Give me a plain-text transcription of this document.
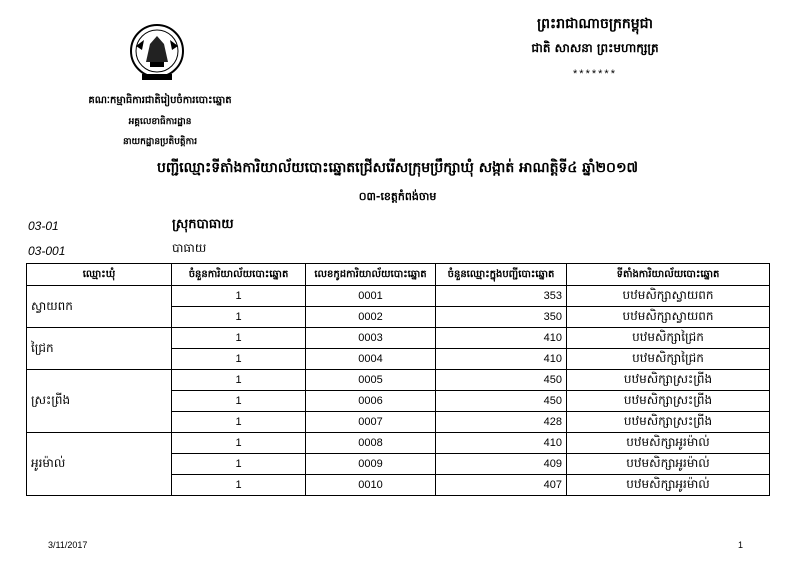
ព្រះរាជាណាចក្រកម្ពុជា
ជាតិ សាសនា ព្រះមហាក្សត្រ
*******
គណៈកម្មាធិការជាតិរៀបចំការបោះឆ្នោត
អគ្គលេខាធិការដ្ឋាន
នាយកដ្ឋានប្រតិបត្តិការ
បញ្ជីឈ្មោះទីតាំងការិយាល័យបោះឆ្នោតជ្រើសរើសក្រុមប្រឹក្សាឃុំ សង្កាត់ អាណត្តិទី៤ ឆ្នាំ២០១៧
០៣-ខេត្តកំពង់ចាម
03-01	ស្រុកបាធាយ
03-001	បាធាយ
ឈ្មោះឃុំ	ចំនួនការិយាល័យបោះឆ្នោត	លេខកូដការិយាល័យបោះឆ្នោត	ចំនួនឈ្មោះក្នុងបញ្ជីបោះឆ្នោត	ទីតាំងការិយាល័យបោះឆ្នោត
ស្វាយពក	1	0001	353	បឋមសិក្សាស្វាយពក
	1	0002	350	បឋមសិក្សាស្វាយពក
ជ្រៃក	1	0003	410	បឋមសិក្សាជ្រៃក
	1	0004	410	បឋមសិក្សាជ្រៃក
ស្រះព្រីង	1	0005	450	បឋមសិក្សាស្រះព្រីង
	1	0006	450	បឋមសិក្សាស្រះព្រីង
	1	0007	428	បឋមសិក្សាស្រះព្រីង
អូរម៉ាល់	1	0008	410	បឋមសិក្សាអូរម៉ាល់
	1	0009	409	បឋមសិក្សាអូរម៉ាល់
	1	0010	407	បឋមសិក្សាអូរម៉ាល់
3/11/2017	1
